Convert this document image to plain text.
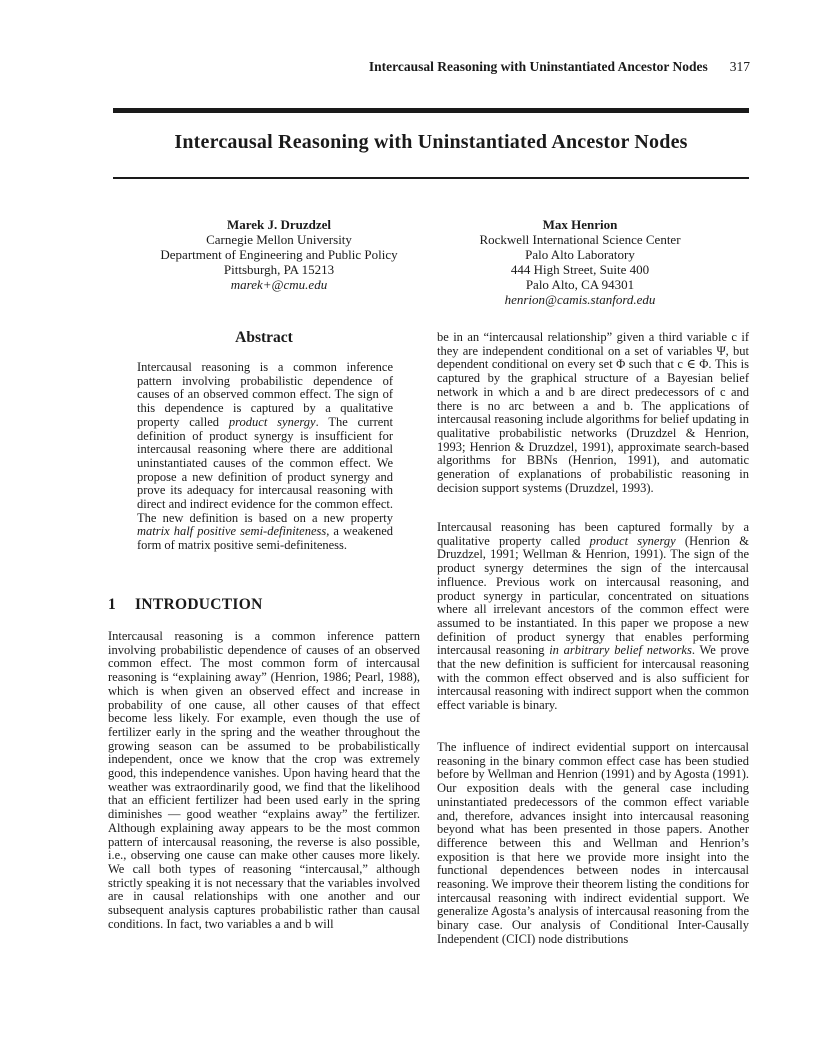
Intercausal Reasoning with Uninstantiated Ancestor Nodes 317
Intercausal Reasoning with Uninstantiated Ancestor Nodes
Marek J. Druzdzel
Carnegie Mellon University
Department of Engineering and Public Policy
Pittsburgh, PA 15213
marek+@cmu.edu
Max Henrion
Rockwell International Science Center
Palo Alto Laboratory
444 High Street, Suite 400
Palo Alto, CA 94301
henrion@camis.stanford.edu
Abstract

Intercausal reasoning is a common inference pattern involving probabilistic dependence of causes of an observed common effect. The sign of this dependence is captured by a qualitative property called product synergy. The current definition of product synergy is insufficient for intercausal reasoning where there are additional uninstantiated causes of the common effect. We propose a new definition of product synergy and prove its adequacy for intercausal reasoning with direct and indirect evidence for the common effect. The new definition is based on a new property matrix half positive semi-definiteness, a weakened form of matrix positive semi-definiteness.

1 INTRODUCTION

Intercausal reasoning is a common inference pattern involving probabilistic dependence of causes of an observed common effect. The most common form of intercausal reasoning is “explaining away” (Henrion, 1986; Pearl, 1988), which is when given an observed effect and increase in probability of one cause, all other causes of that effect become less likely. For example, even though the use of fertilizer early in the spring and the weather throughout the growing season can be assumed to be probabilistically independent, once we know that the crop was extremely good, this independence vanishes. Upon having heard that the weather was extraordinarily good, we find that the likelihood that an efficient fertilizer had been used early in the spring diminishes — good weather “explains away” the fertilizer. Although explaining away appears to be the most common pattern of intercausal reasoning, the reverse is also possible, i.e., observing one cause can make other causes more likely. We call both types of reasoning “intercausal,” although strictly speaking it is not necessary that the variables involved are in causal relationships with one another and our subsequent analysis captures probabilistic rather than causal conditions. In fact, two variables a and b will

be in an “intercausal relationship” given a third variable c if they are independent conditional on a set of variables Ψ, but dependent conditional on every set Φ such that c ∈ Φ. This is captured by the graphical structure of a Bayesian belief network in which a and b are direct predecessors of c and there is no arc between a and b. The applications of intercausal reasoning include algorithms for belief updating in qualitative probabilistic networks (Druzdzel & Henrion, 1993; Henrion & Druzdzel, 1991), approximate search-based algorithms for BBNs (Henrion, 1991), and automatic generation of explanations of probabilistic reasoning in decision support systems (Druzdzel, 1993).

Intercausal reasoning has been captured formally by a qualitative property called product synergy (Henrion & Druzdzel, 1991; Wellman & Henrion, 1991). The sign of the product synergy determines the sign of the intercausal influence. Previous work on intercausal reasoning, and product synergy in particular, concentrated on situations where all irrelevant ancestors of the common effect were assumed to be instantiated. In this paper we propose a new definition of product synergy that enables performing intercausal reasoning in arbitrary belief networks. We prove that the new definition is sufficient for intercausal reasoning with the common effect observed and is also sufficient for intercausal reasoning with indirect support when the common effect variable is binary.

The influence of indirect evidential support on intercausal reasoning in the binary common effect case has been studied before by Wellman and Henrion (1991) and by Agosta (1991). Our exposition deals with the general case including uninstantiated predecessors of the common effect variable and, therefore, advances insight into intercausal reasoning beyond what has been presented in those papers. Another difference between this and Wellman and Henrion’s exposition is that here we provide more insight into the functional dependences between nodes in intercausal reasoning. We improve their theorem listing the conditions for intercausal reasoning with indirect evidential support. We generalize Agosta’s analysis of intercausal reasoning from the binary case. Our analysis of Conditional Inter-Causally Independent (CICI) node distributions
